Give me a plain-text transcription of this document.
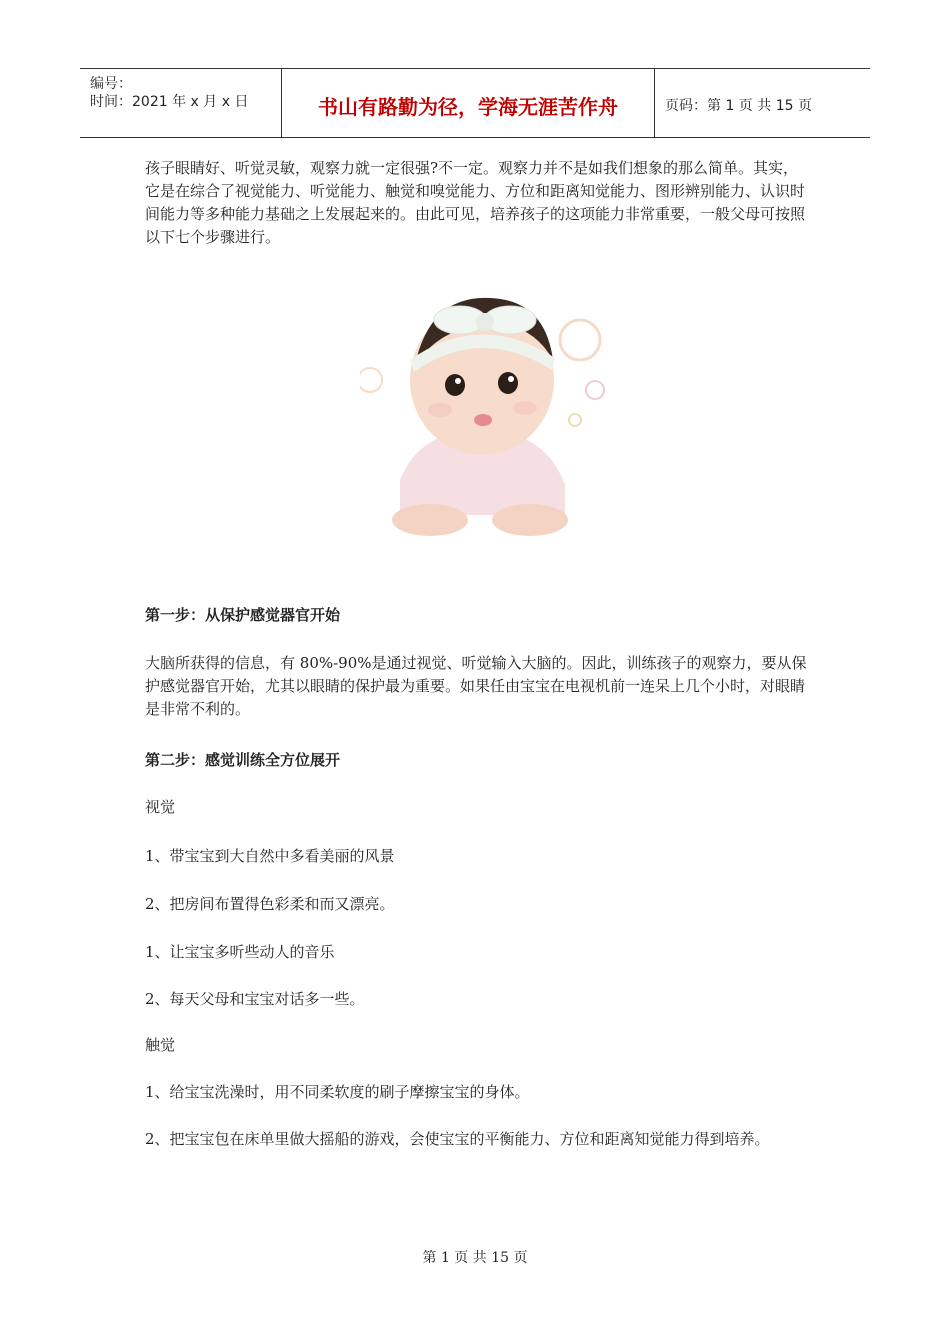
编号：
时间：2021 年 x 月 x 日	书山有路勤为径，学海无涯苦作舟	页码：第 1 页 共 15 页
孩子眼睛好、听觉灵敏，观察力就一定很强?不一定。观察力并不是如我们想象的那么简单。其实，它是在综合了视觉能力、听觉能力、触觉和嗅觉能力、方位和距离知觉能力、图形辨别能力、认识时间能力等多种能力基础之上发展起来的。由此可见，培养孩子的这项能力非常重要，一般父母可按照以下七个步骤进行。
第一步：从保护感觉器官开始
大脑所获得的信息，有 80%-90%是通过视觉、听觉输入大脑的。因此，训练孩子的观察力，要从保护感觉器官开始，尤其以眼睛的保护最为重要。如果任由宝宝在电视机前一连呆上几个小时，对眼睛是非常不利的。
第二步：感觉训练全方位展开
视觉
1、带宝宝到大自然中多看美丽的风景
2、把房间布置得色彩柔和而又漂亮。
1、让宝宝多听些动人的音乐
2、每天父母和宝宝对话多一些。
触觉
1、给宝宝洗澡时，用不同柔软度的刷子摩擦宝宝的身体。
2、把宝宝包在床单里做大摇船的游戏，会使宝宝的平衡能力、方位和距离知觉能力得到培养。
第 1 页 共 15 页
